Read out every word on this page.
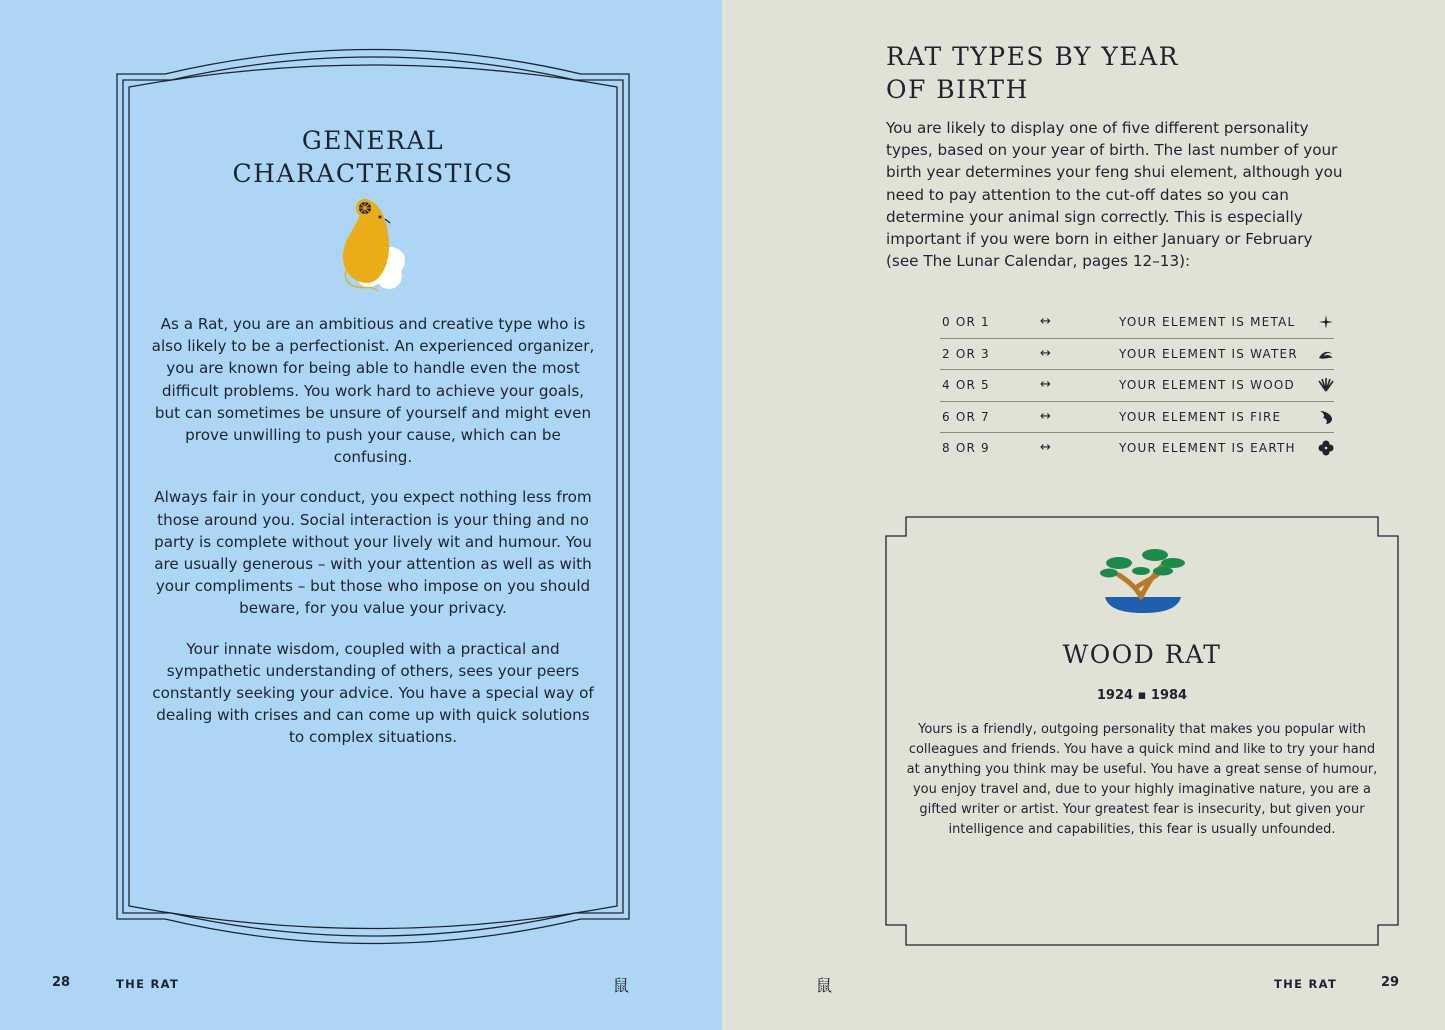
GENERAL
CHARACTERISTICS

As a Rat, you are an ambitious and creative type who is also likely to be a perfectionist. An experienced organizer, you are known for being able to handle even the most difficult problems. You work hard to achieve your goals, but can sometimes be unsure of yourself and might even prove unwilling to push your cause, which can be confusing.

Always fair in your conduct, you expect nothing less from those around you. Social interaction is your thing and no party is complete without your lively wit and humour. You are usually generous – with your attention as well as with your compliments – but those who impose on you should beware, for you value your privacy.

Your innate wisdom, coupled with a practical and sympathetic understanding of others, sees your peers constantly seeking your advice. You have a special way of dealing with crises and can come up with quick solutions to complex situations.

28	THE RAT	鼠
RAT TYPES BY YEAR
OF BIRTH
You are likely to display one of five different personality types, based on your year of birth. The last number of your birth year determines your feng shui element, although you need to pay attention to the cut-off dates so you can determine your animal sign correctly. This is especially important if you were born in either January or February (see The Lunar Calendar, pages 12–13):
0 OR 1	↔	YOUR ELEMENT IS METAL
2 OR 3	↔	YOUR ELEMENT IS WATER
4 OR 5	↔	YOUR ELEMENT IS WOOD
6 OR 7	↔	YOUR ELEMENT IS FIRE
8 OR 9	↔	YOUR ELEMENT IS EARTH
WOOD RAT
1924 ▪ 1984
Yours is a friendly, outgoing personality that makes you popular with colleagues and friends. You have a quick mind and like to try your hand at anything you think may be useful. You have a great sense of humour, you enjoy travel and, due to your highly imaginative nature, you are a gifted writer or artist. Your greatest fear is insecurity, but given your intelligence and capabilities, this fear is usually unfounded.
鼠	THE RAT	29
